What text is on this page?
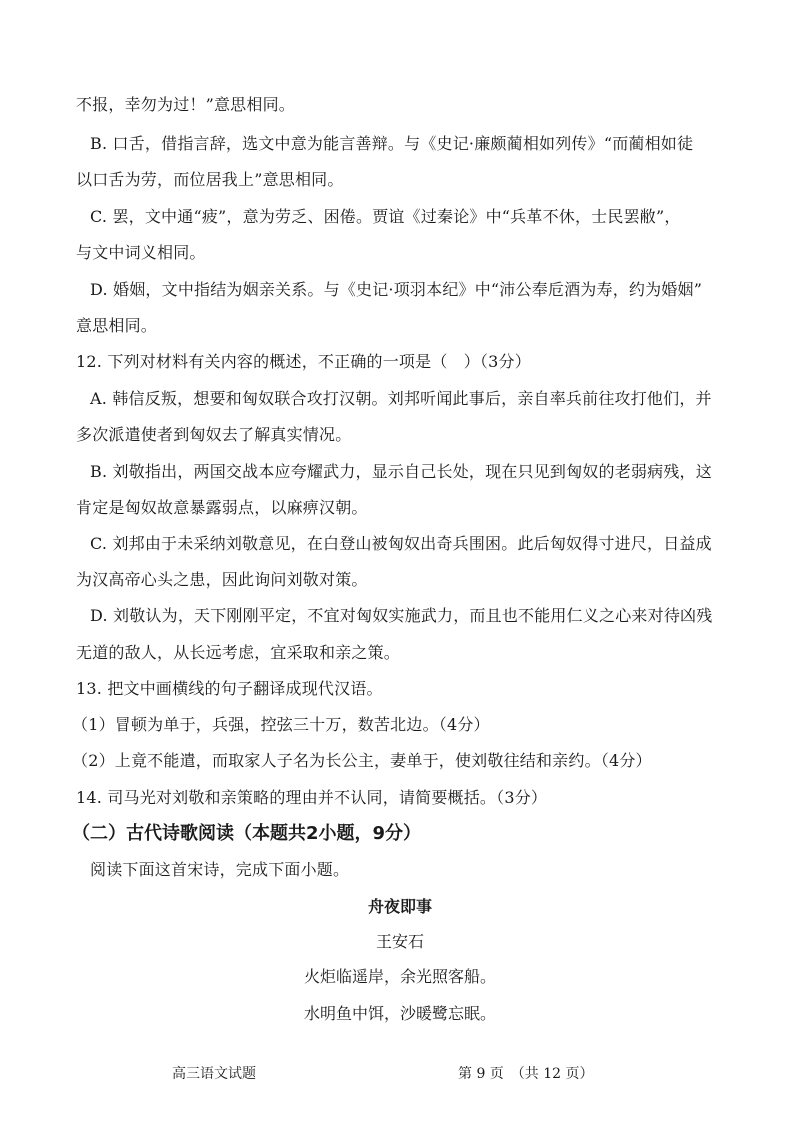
不报，幸勿为过！”意思相同。
B. 口舌，借指言辞，选文中意为能言善辩。与《史记·廉颇蔺相如列传》“而蔺相如徒
以口舌为劳，而位居我上”意思相同。
C. 罢，文中通“疲”，意为劳乏、困倦。贾谊《过秦论》中“兵革不休，士民罢敝”，
与文中词义相同。
D. 婚姻，文中指结为姻亲关系。与《史记·项羽本纪》中“沛公奉卮酒为寿，约为婚姻”
意思相同。
12. 下列对材料有关内容的概述，不正确的一项是（　）（3分）
A. 韩信反叛，想要和匈奴联合攻打汉朝。刘邦听闻此事后，亲自率兵前往攻打他们，并
多次派遣使者到匈奴去了解真实情况。
B. 刘敬指出，两国交战本应夸耀武力，显示自己长处，现在只见到匈奴的老弱病残，这
肯定是匈奴故意暴露弱点，以麻痹汉朝。
C. 刘邦由于未采纳刘敬意见，在白登山被匈奴出奇兵围困。此后匈奴得寸进尺，日益成
为汉高帝心头之患，因此询问刘敬对策。
D. 刘敬认为，天下刚刚平定，不宜对匈奴实施武力，而且也不能用仁义之心来对待凶残
无道的敌人，从长远考虑，宜采取和亲之策。
13. 把文中画横线的句子翻译成现代汉语。
（1）冒顿为单于，兵强，控弦三十万，数苦北边。（4分）
（2）上竟不能遣，而取家人子名为长公主，妻单于，使刘敬往结和亲约。（4分）
14. 司马光对刘敬和亲策略的理由并不认同，请简要概括。（3分）
（二）古代诗歌阅读（本题共2小题，9分）
阅读下面这首宋诗，完成下面小题。
舟夜即事
王安石
火炬临遥岸，余光照客船。
水明鱼中饵，沙暖鹭忘眠。
高三语文试题	第 9 页　（共 12 页）
